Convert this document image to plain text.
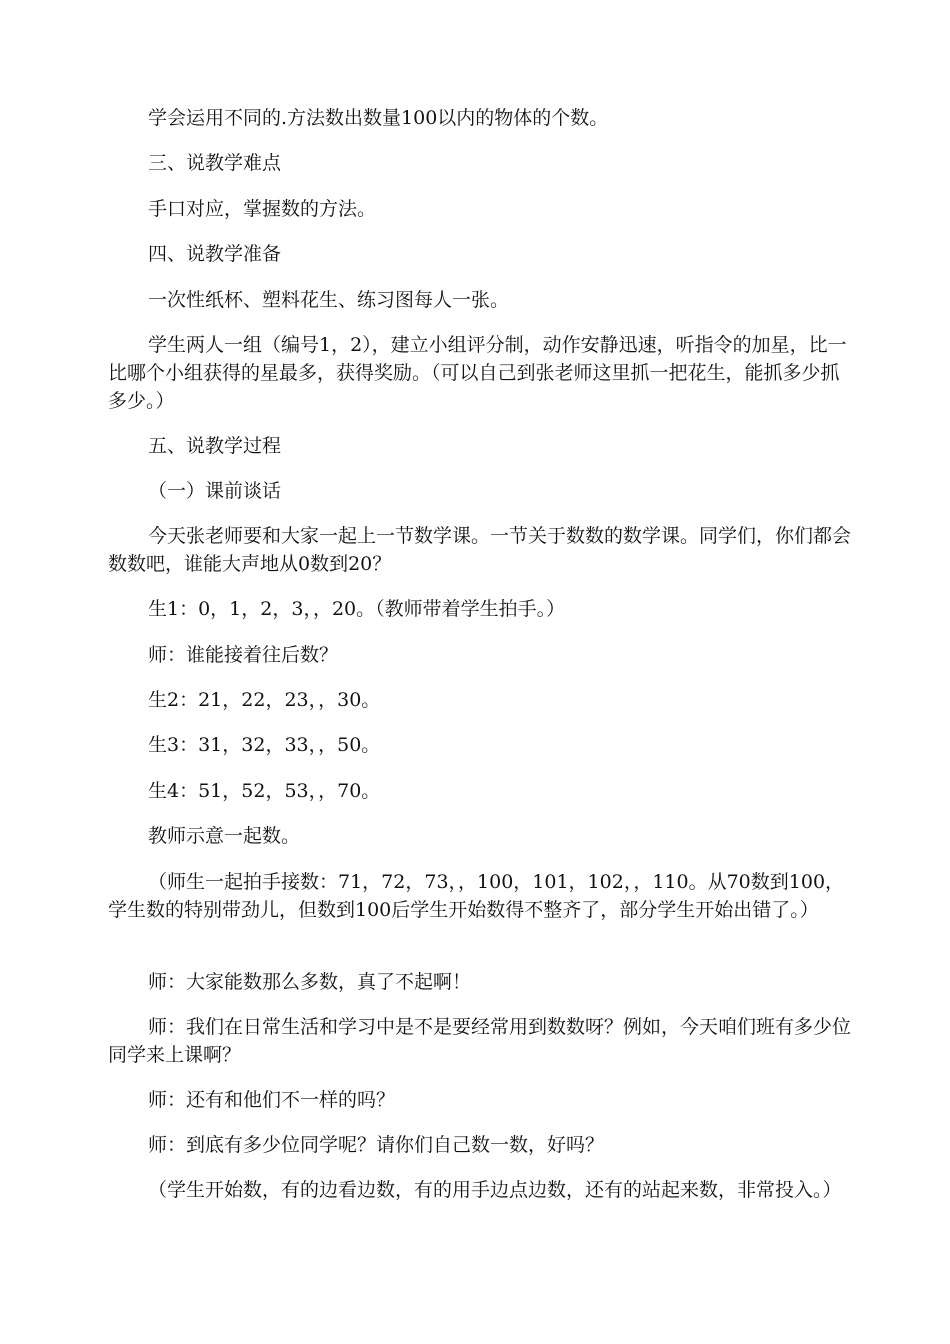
学会运用不同的.方法数出数量100以内的物体的个数。

三、说教学难点

手口对应，掌握数的方法。

四、说教学准备

一次性纸杯、塑料花生、练习图每人一张。

学生两人一组（编号1，2），建立小组评分制，动作安静迅速，听指令的加星，比一比哪个小组获得的星最多，获得奖励。（可以自己到张老师这里抓一把花生，能抓多少抓多少。）

五、说教学过程

（一）课前谈话

今天张老师要和大家一起上一节数学课。一节关于数数的数学课。同学们，你们都会数数吧，谁能大声地从0数到20？

生1：0，1，2，3，，20。（教师带着学生拍手。）

师：谁能接着往后数？

生2：21，22，23，，30。

生3：31，32，33，，50。

生4：51，52，53，，70。

教师示意一起数。

（师生一起拍手接数：71，72，73，，100，101，102，，110。从70数到100，学生数的特别带劲儿，但数到100后学生开始数得不整齐了，部分学生开始出错了。）

师：大家能数那么多数，真了不起啊！

师：我们在日常生活和学习中是不是要经常用到数数呀？例如，今天咱们班有多少位同学来上课啊？

师：还有和他们不一样的吗？

师：到底有多少位同学呢？请你们自己数一数，好吗？

（学生开始数，有的边看边数，有的用手边点边数，还有的站起来数，非常投入。）
